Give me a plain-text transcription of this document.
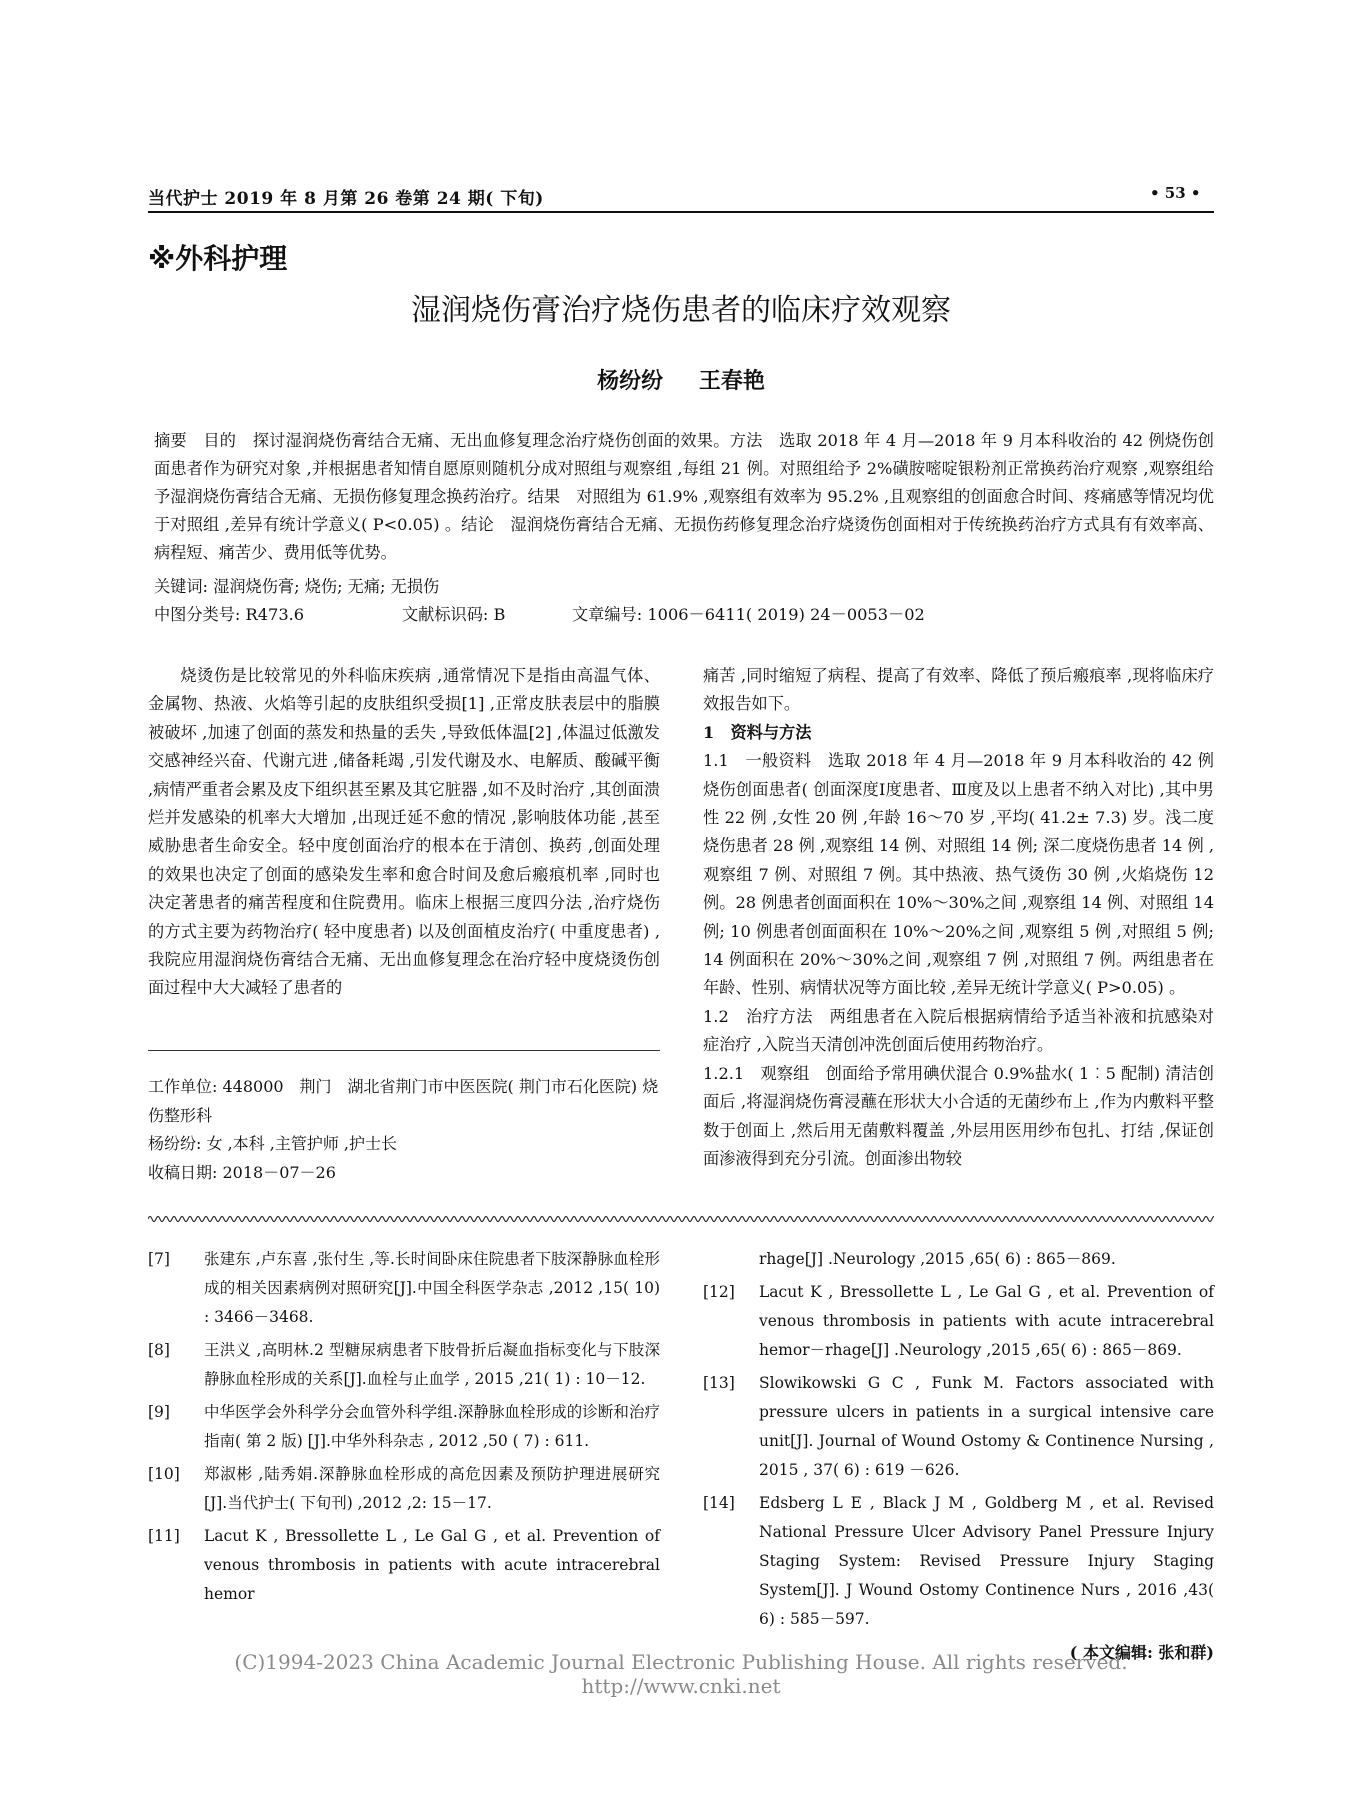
当代护士 2019 年 8 月第 26 卷第 24 期( 下旬)	• 53 •
※外科护理
湿润烧伤膏治疗烧伤患者的临床疗效观察
杨纷纷 王春艳

摘要　目的　探讨湿润烧伤膏结合无痛、无出血修复理念治疗烧伤创面的效果。方法　选取 2018 年 4 月—2018 年 9 月本科收治的 42 例烧伤创面患者作为研究对象 ,并根据患者知情自愿原则随机分成对照组与观察组 ,每组 21 例。对照组给予 2%磺胺嘧啶银粉剂正常换药治疗观察 ,观察组给予湿润烧伤膏结合无痛、无损伤修复理念换药治疗。结果　对照组为 61.9% ,观察组有效率为 95.2% ,且观察组的创面愈合时间、疼痛感等情况均优于对照组 ,差异有统计学意义( P<0.05) 。结论　湿润烧伤膏结合无痛、无损伤药修复理念治疗烧烫伤创面相对于传统换药治疗方式具有有效率高、病程短、痛苦少、费用低等优势。

关键词: 湿润烧伤膏; 烧伤; 无痛; 无损伤
中图分类号: R473.6	文献标识码: B	文章编号: 1006－6411( 2019) 24－0053－02

烧烫伤是比较常见的外科临床疾病 ,通常情况下是指由高温气体、金属物、热液、火焰等引起的皮肤组织受损[1] ,正常皮肤表层中的脂膜被破坏 ,加速了创面的蒸发和热量的丢失 ,导致低体温[2] ,体温过低激发交感神经兴奋、代谢亢进 ,储备耗竭 ,引发代谢及水、电解质、酸碱平衡 ,病情严重者会累及皮下组织甚至累及其它脏器 ,如不及时治疗 ,其创面溃烂并发感染的机率大大增加 ,出现迁延不愈的情况 ,影响肢体功能 ,甚至威胁患者生命安全。轻中度创面治疗的根本在于清创、换药 ,创面处理的效果也决定了创面的感染发生率和愈合时间及愈后瘢痕机率 ,同时也决定著患者的痛苦程度和住院费用。临床上根据三度四分法 ,治疗烧伤的方式主要为药物治疗( 轻中度患者) 以及创面植皮治疗( 中重度患者) ,我院应用湿润烧伤膏结合无痛、无出血修复理念在治疗轻中度烧烫伤创面过程中大大减轻了患者的

痛苦 ,同时缩短了病程、提高了有效率、降低了预后瘢痕率 ,现将临床疗效报告如下。

1　资料与方法

1.1　一般资料　选取 2018 年 4 月—2018 年 9 月本科收治的 42 例烧伤创面患者( 创面深度Ⅰ度患者、Ⅲ度及以上患者不纳入对比) ,其中男性 22 例 ,女性 20 例 ,年龄 16～70 岁 ,平均( 41.2± 7.3) 岁。浅二度烧伤患者 28 例 ,观察组 14 例、对照组 14 例; 深二度烧伤患者 14 例 ,观察组 7 例、对照组 7 例。其中热液、热气烫伤 30 例 ,火焰烧伤 12 例。28 例患者创面面积在 10%～30%之间 ,观察组 14 例、对照组 14 例; 10 例患者创面面积在 10%～20%之间 ,观察组 5 例 ,对照组 5 例; 14 例面积在 20%～30%之间 ,观察组 7 例 ,对照组 7 例。两组患者在年龄、性别、病情状况等方面比较 ,差异无统计学意义( P>0.05) 。

1.2　治疗方法　两组患者在入院后根据病情给予适当补液和抗感染对症治疗 ,入院当天清创冲洗创面后使用药物治疗。

1.2.1　观察组　创面给予常用碘伏混合 0.9%盐水( 1︰5 配制) 清洁创面后 ,将湿润烧伤膏浸蘸在形状大小合适的无菌纱布上 ,作为内敷料平整数于创面上 ,然后用无菌敷料覆盖 ,外层用医用纱布包扎、打结 ,保证创面渗液得到充分引流。创面渗出物较

工作单位: 448000　荆门　湖北省荆门市中医医院( 荆门市石化医院) 烧伤整形科

杨纷纷: 女 ,本科 ,主管护师 ,护士长

收稿日期: 2018－07－26

[7] 张建东 ,卢东喜 ,张付生 ,等.长时间卧床住院患者下肢深静脉血栓形成的相关因素病例对照研究[J].中国全科医学杂志 ,2012 ,15( 10) : 3466－3468.
[8] 王洪义 ,高明林.2 型糖尿病患者下肢骨折后凝血指标变化与下肢深静脉血栓形成的关系[J].血栓与止血学 , 2015 ,21( 1) : 10－12.
[9] 中华医学会外科学分会血管外科学组.深静脉血栓形成的诊断和治疗指南( 第 2 版) [J].中华外科杂志 , 2012 ,50 ( 7) : 611.
[10] 郑淑彬 ,陆秀娟.深静脉血栓形成的高危因素及预防护理进展研究[J].当代护士( 下旬刊) ,2012 ,2: 15－17.
[11] Lacut K , Bressollette L , Le Gal G , et al. Prevention of venous thrombosis in patients with acute intracerebral hemor
rhage[J] .Neurology ,2015 ,65( 6) : 865－869.
[12] Lacut K , Bressollette L , Le Gal G , et al. Prevention of venous thrombosis in patients with acute intracerebral hemor－rhage[J] .Neurology ,2015 ,65( 6) : 865－869.
[13] Slowikowski G C , Funk M. Factors associated with pressure ulcers in patients in a surgical intensive care unit[J]. Journal of Wound Ostomy & Continence Nursing , 2015 , 37( 6) : 619 －626.
[14] Edsberg L E , Black J M , Goldberg M , et al. Revised National Pressure Ulcer Advisory Panel Pressure Injury Staging System: Revised Pressure Injury Staging System[J]. J Wound Ostomy Continence Nurs , 2016 ,43( 6) : 585－597.
( 本文编辑: 张和群)
(C)1994-2023 China Academic Journal Electronic Publishing House. All rights reserved. http://www.cnki.net
